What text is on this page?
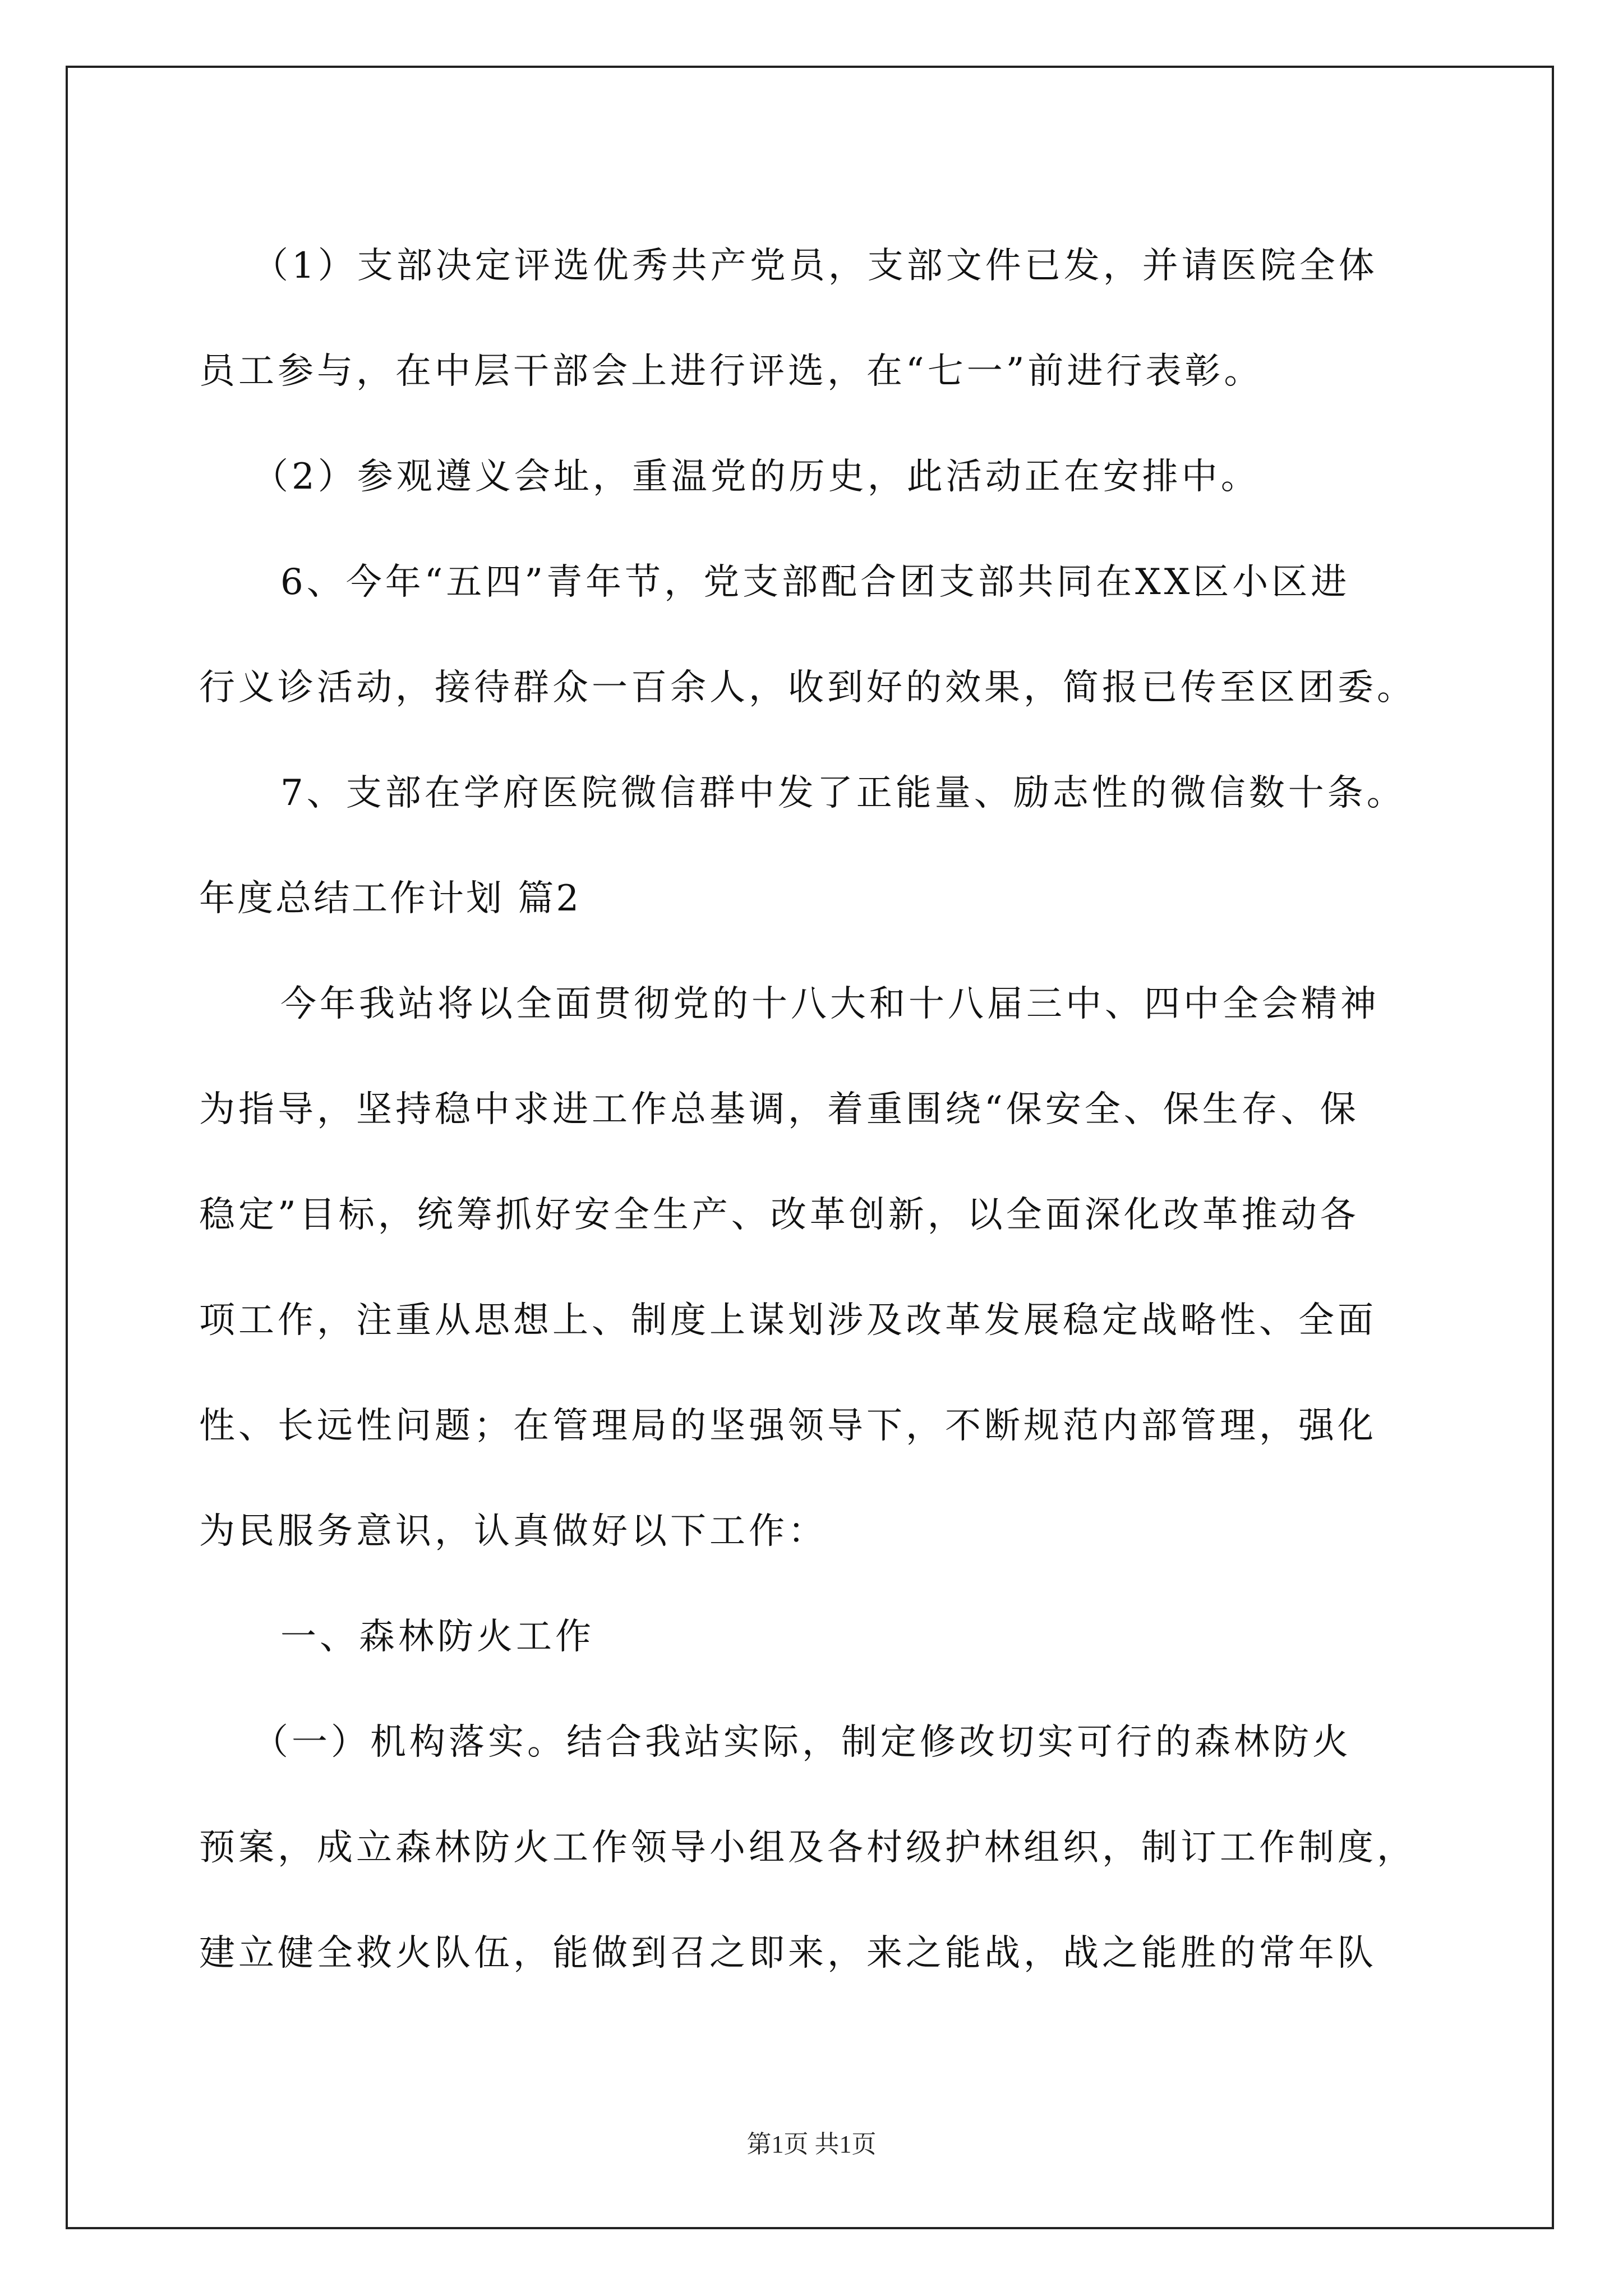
（1）支部决定评选优秀共产党员，支部文件已发，并请医院全体
员工参与，在中层干部会上进行评选，在“七一”前进行表彰。
（2）参观遵义会址，重温党的历史，此活动正在安排中。
6、今年“五四”青年节，党支部配合团支部共同在XX区小区进
行义诊活动，接待群众一百余人，收到好的效果，简报已传至区团委。
7、支部在学府医院微信群中发了正能量、励志性的微信数十条。
年度总结工作计划 篇2
今年我站将以全面贯彻党的十八大和十八届三中、四中全会精神
为指导，坚持稳中求进工作总基调，着重围绕“保安全、保生存、保
稳定”目标，统筹抓好安全生产、改革创新，以全面深化改革推动各
项工作，注重从思想上、制度上谋划涉及改革发展稳定战略性、全面
性、长远性问题；在管理局的坚强领导下，不断规范内部管理，强化
为民服务意识，认真做好以下工作：
一、森林防火工作
（一）机构落实。结合我站实际，制定修改切实可行的森林防火
预案，成立森林防火工作领导小组及各村级护林组织，制订工作制度，
建立健全救火队伍，能做到召之即来，来之能战，战之能胜的常年队
第1页 共1页
